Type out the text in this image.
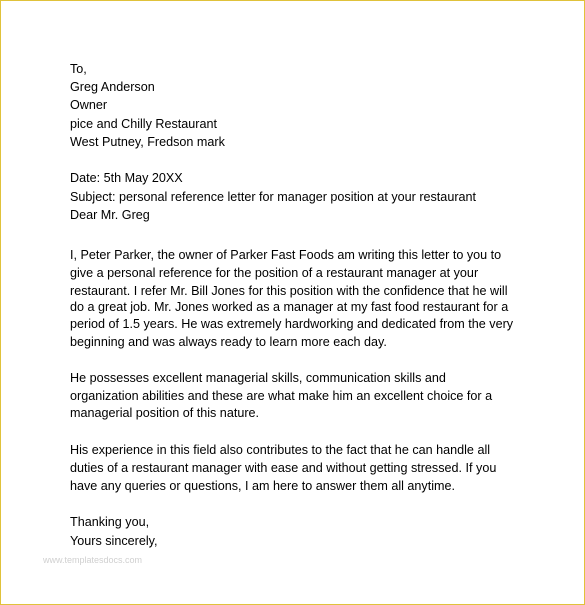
To,
Greg Anderson
Owner
pice and Chilly Restaurant
West Putney, Fredson mark
Date: 5th May 20XX
Subject: personal reference letter for manager position at your restaurant
Dear Mr. Greg
I, Peter Parker, the owner of Parker Fast Foods am writing this letter to you to
give a personal reference for the position of a restaurant manager at your
restaurant. I refer Mr. Bill Jones for this position with the confidence that he will
do a great job. Mr. Jones worked as a manager at my fast food restaurant for a
period of 1.5 years. He was extremely hardworking and dedicated from the very
beginning and was always ready to learn more each day.
He possesses excellent managerial skills, communication skills and
organization abilities and these are what make him an excellent choice for a
managerial position of this nature.
His experience in this field also contributes to the fact that he can handle all
duties of a restaurant manager with ease and without getting stressed. If you
have any queries or questions, I am here to answer them all anytime.
Thanking you,
Yours sincerely,
www.templatesdocs.com
